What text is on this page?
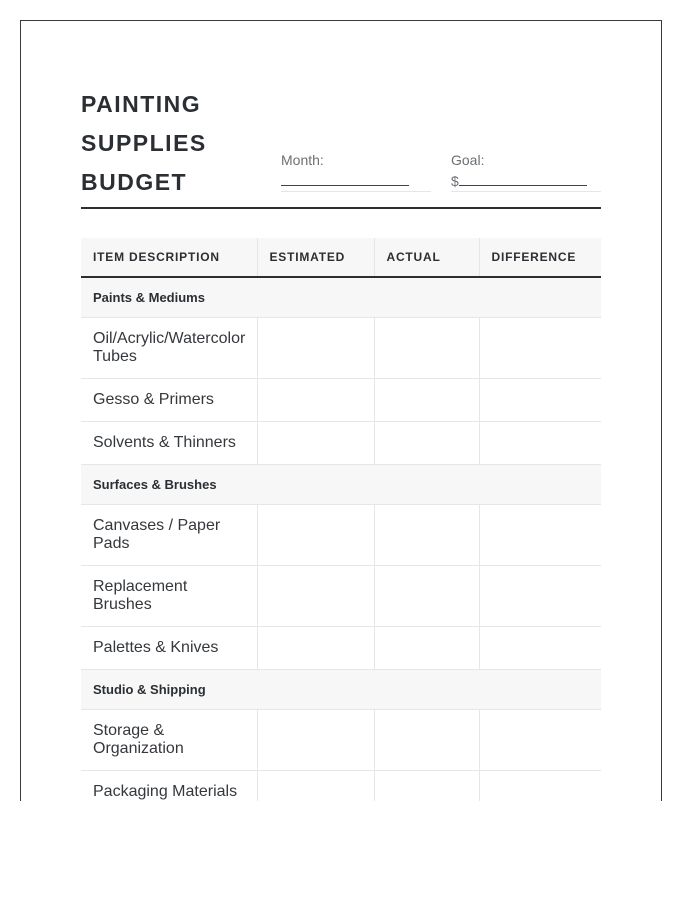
PAINTING
SUPPLIES
BUDGET
Month:	Goal:
$
ITEM DESCRIPTION	ESTIMATED	ACTUAL	DIFFERENCE
Paints & Mediums			
Oil/Acrylic/Watercolor Tubes			
Gesso & Primers			
Solvents & Thinners			
Surfaces & Brushes			
Canvases / Paper Pads			
Replacement Brushes			
Palettes & Knives			
Studio & Shipping			
Storage & Organization			
Packaging Materials			
